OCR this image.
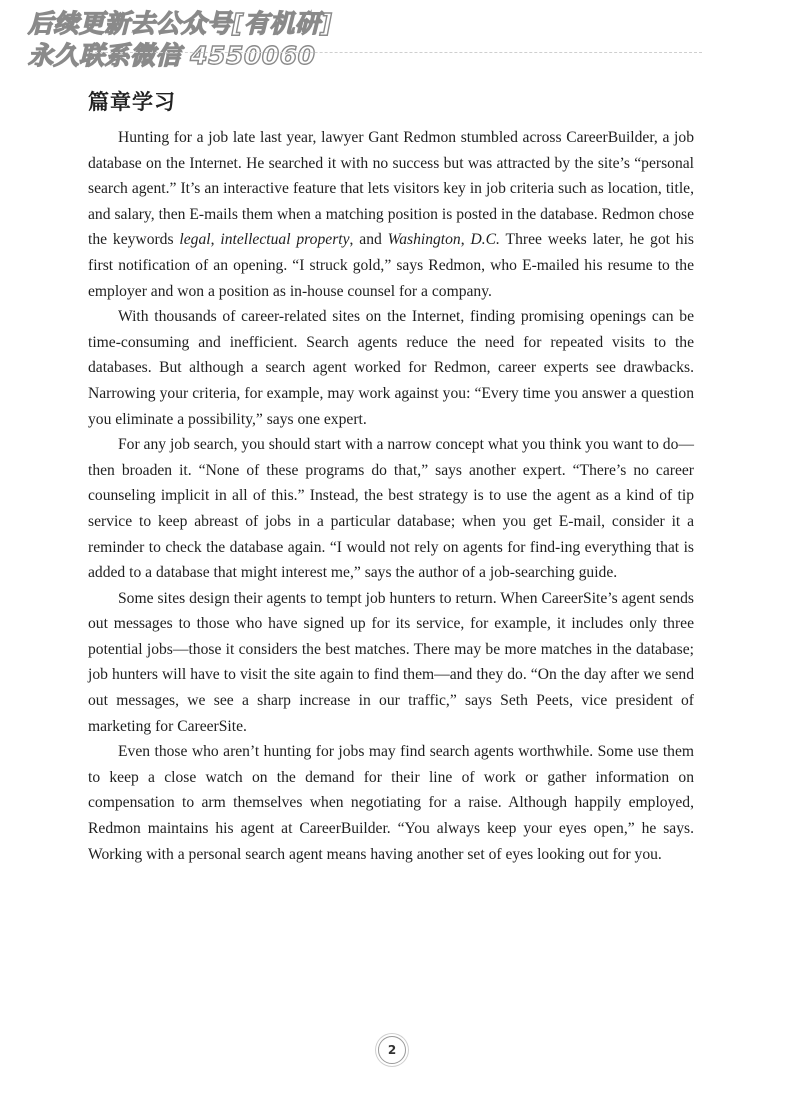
后续更新去公众号[有机研]
永久联系微信 4550060
篇章学习

Hunting for a job late last year, lawyer Gant Redmon stumbled across CareerBuilder, a job database on the Internet. He searched it with no success but was attracted by the site’s “personal search agent.” It’s an interactive feature that lets visitors key in job criteria such as location, title, and salary, then E-mails them when a matching position is posted in the database. Redmon chose the keywords legal, intellectual property, and Washington, D.C. Three weeks later, he got his first notification of an opening. “I struck gold,” says Redmon, who E-mailed his resume to the employer and won a position as in-house counsel for a company.

With thousands of career-related sites on the Internet, finding promising openings can be time-consuming and inefficient. Search agents reduce the need for repeated visits to the databases. But although a search agent worked for Redmon, career experts see drawbacks. Narrowing your criteria, for example, may work against you: “Every time you answer a question you eliminate a possibility,” says one expert.

For any job search, you should start with a narrow concept what you think you want to do—then broaden it. “None of these programs do that,” says another expert. “There’s no career counseling implicit in all of this.” Instead, the best strategy is to use the agent as a kind of tip service to keep abreast of jobs in a particular database; when you get E-mail, consider it a reminder to check the database again. “I would not rely on agents for find-ing everything that is added to a database that might interest me,” says the author of a job-searching guide.

Some sites design their agents to tempt job hunters to return. When CareerSite’s agent sends out messages to those who have signed up for its service, for example, it includes only three potential jobs—those it considers the best matches. There may be more matches in the database; job hunters will have to visit the site again to find them—and they do. “On the day after we send out messages, we see a sharp increase in our traffic,” says Seth Peets, vice president of marketing for CareerSite.

Even those who aren’t hunting for jobs may find search agents worthwhile. Some use them to keep a close watch on the demand for their line of work or gather information on compensation to arm themselves when negotiating for a raise. Although happily employed, Redmon maintains his agent at CareerBuilder. “You always keep your eyes open,” he says. Working with a personal search agent means having another set of eyes looking out for you.

2
